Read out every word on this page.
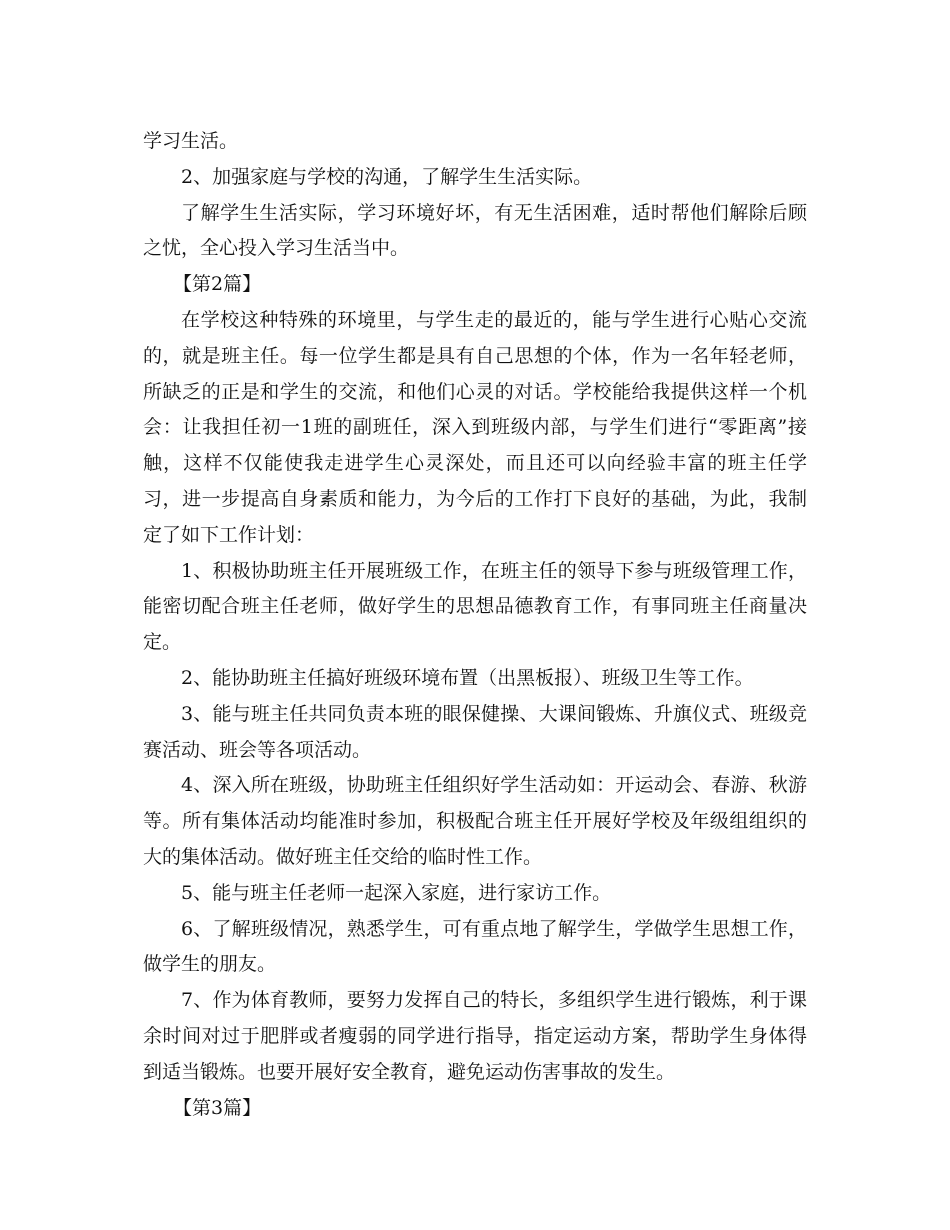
学习生活。

2、加强家庭与学校的沟通，了解学生生活实际。

了解学生生活实际，学习环境好坏，有无生活困难，适时帮他们解除后顾之忧，全心投入学习生活当中。

【第2篇】

在学校这种特殊的环境里，与学生走的最近的，能与学生进行心贴心交流的，就是班主任。每一位学生都是具有自己思想的个体，作为一名年轻老师，所缺乏的正是和学生的交流，和他们心灵的对话。学校能给我提供这样一个机会：让我担任初一1班的副班任，深入到班级内部，与学生们进行“零距离”接触，这样不仅能使我走进学生心灵深处，而且还可以向经验丰富的班主任学习，进一步提高自身素质和能力，为今后的工作打下良好的基础，为此，我制定了如下工作计划：

1、积极协助班主任开展班级工作，在班主任的领导下参与班级管理工作，能密切配合班主任老师，做好学生的思想品德教育工作，有事同班主任商量决定。

2、能协助班主任搞好班级环境布置（出黑板报）、班级卫生等工作。

3、能与班主任共同负责本班的眼保健操、大课间锻炼、升旗仪式、班级竞赛活动、班会等各项活动。

4、深入所在班级，协助班主任组织好学生活动如：开运动会、春游、秋游等。所有集体活动均能准时参加，积极配合班主任开展好学校及年级组组织的大的集体活动。做好班主任交给的临时性工作。

5、能与班主任老师一起深入家庭，进行家访工作。

6、了解班级情况，熟悉学生，可有重点地了解学生，学做学生思想工作，做学生的朋友。

7、作为体育教师，要努力发挥自己的特长，多组织学生进行锻炼，利于课余时间对过于肥胖或者瘦弱的同学进行指导，指定运动方案，帮助学生身体得到适当锻炼。也要开展好安全教育，避免运动伤害事故的发生。

【第3篇】
